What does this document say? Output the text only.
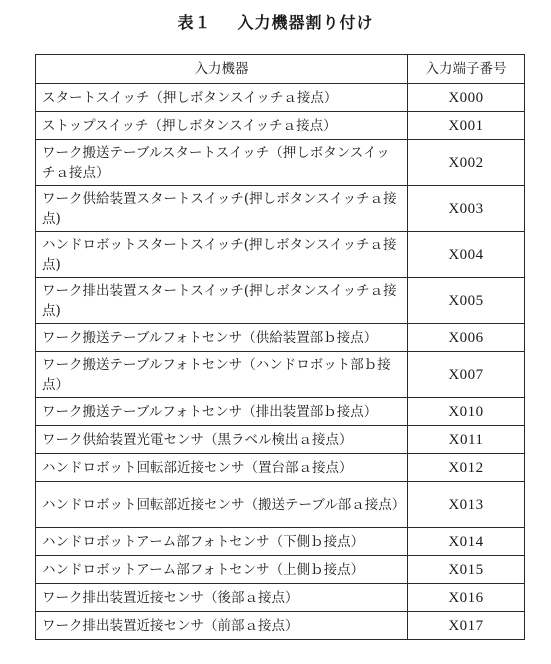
表１ 入力機器割り付け
入力機器	入力端子番号
スタートスイッチ（押しボタンスイッチａ接点）	X000
ストップスイッチ（押しボタンスイッチａ接点）	X001
ワーク搬送テーブルスタートスイッチ（押しボタンスイッチａ接点）	X002
ワーク供給装置スタートスイッチ(押しボタンスイッチａ接点)	X003
ハンドロボットスタートスイッチ(押しボタンスイッチａ接点)	X004
ワーク排出装置スタートスイッチ(押しボタンスイッチａ接点)	X005
ワーク搬送テーブルフォトセンサ（供給装置部ｂ接点）	X006
ワーク搬送テーブルフォトセンサ（ハンドロボット部ｂ接点）	X007
ワーク搬送テーブルフォトセンサ（排出装置部ｂ接点）	X010
ワーク供給装置光電センサ（黒ラベル検出ａ接点）	X011
ハンドロボット回転部近接センサ（置台部ａ接点）	X012
ハンドロボット回転部近接センサ（搬送テーブル部ａ接点）	X013
ハンドロボットアーム部フォトセンサ（下側ｂ接点）	X014
ハンドロボットアーム部フォトセンサ（上側ｂ接点）	X015
ワーク排出装置近接センサ（後部ａ接点）	X016
ワーク排出装置近接センサ（前部ａ接点）	X017
